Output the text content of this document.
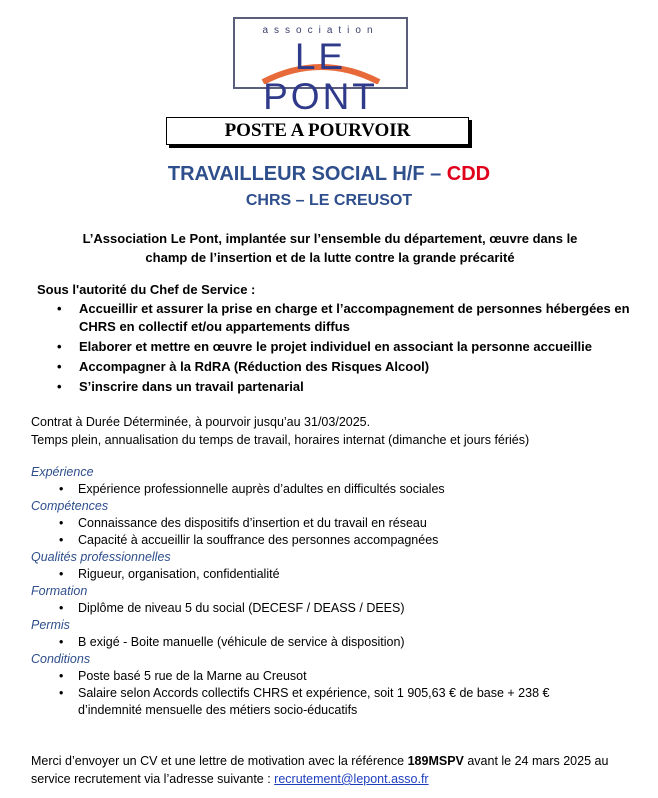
association
LE PONT
POSTE A POURVOIR
TRAVAILLEUR SOCIAL H/F – CDD
CHRS – LE CREUSOT
L’Association Le Pont, implantée sur l’ensemble du département, œuvre dans le champ de l’insertion et de la lutte contre la grande précarité
Sous l'autorité du Chef de Service :
• Accueillir et assurer la prise en charge et l’accompagnement de personnes hébergées en CHRS en collectif et/ou appartements diffus
• Elaborer et mettre en œuvre le projet individuel en associant la personne accueillie
• Accompagner à la RdRA (Réduction des Risques Alcool)
• S’inscrire dans un travail partenarial
Contrat à Durée Déterminée, à pourvoir jusqu’au 31/03/2025.
Temps plein, annualisation du temps de travail, horaires internat (dimanche et jours fériés)
Expérience
• Expérience professionnelle auprès d’adultes en difficultés sociales
Compétences
• Connaissance des dispositifs d’insertion et du travail en réseau
• Capacité à accueillir la souffrance des personnes accompagnées
Qualités professionnelles
• Rigueur, organisation, confidentialité
Formation
• Diplôme de niveau 5 du social (DECESF / DEASS / DEES)
Permis
• B exigé - Boite manuelle (véhicule de service à disposition)
Conditions
• Poste basé 5 rue de la Marne au Creusot
• Salaire selon Accords collectifs CHRS et expérience, soit 1 905,63 € de base + 238 € d’indemnité mensuelle des métiers socio-éducatifs
Merci d’envoyer un CV et une lettre de motivation avec la référence 189MSPV avant le 24 mars 2025 au service recrutement via l’adresse suivante : recrutement@lepont.asso.fr
